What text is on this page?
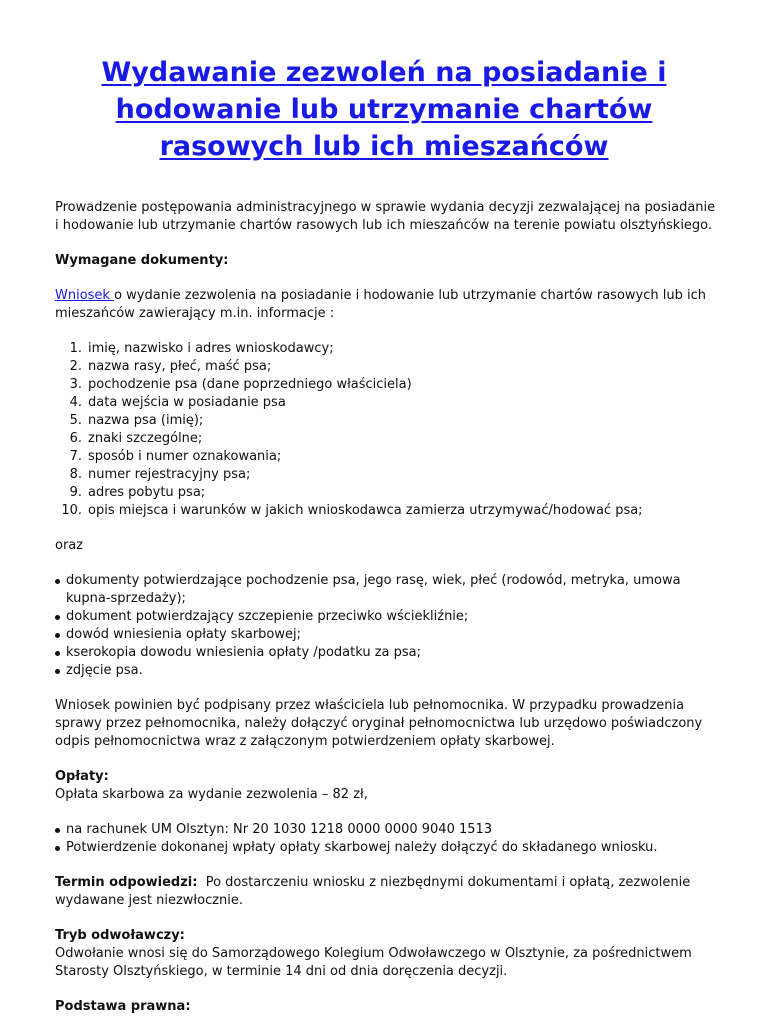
Wydawanie zezwoleń na posiadanie i hodowanie lub utrzymanie chartów rasowych lub ich mieszańców

Prowadzenie postępowania administracyjnego w sprawie wydania decyzji zezwalającej na posiadanie i hodowanie lub utrzymanie chartów rasowych lub ich mieszańców na terenie powiatu olsztyńskiego.

Wymagane dokumenty:

Wniosek o wydanie zezwolenia na posiadanie i hodowanie lub utrzymanie chartów rasowych lub ich mieszańców zawierający m.in. informacje :

1. imię, nazwisko i adres wnioskodawcy;
2. nazwa rasy, płeć, maść psa;
3. pochodzenie psa (dane poprzedniego właściciela)
4. data wejścia w posiadanie psa
5. nazwa psa (imię);
6. znaki szczególne;
7. sposób i numer oznakowania;
8. numer rejestracyjny psa;
9. adres pobytu psa;
10. opis miejsca i warunków w jakich wnioskodawca zamierza utrzymywać/hodować psa;

oraz

dokumenty potwierdzające pochodzenie psa, jego rasę, wiek, płeć (rodowód, metryka, umowa kupna-sprzedaży);
dokument potwierdzający szczepienie przeciwko wściekliźnie;
dowód wniesienia opłaty skarbowej;
kserokopia dowodu wniesienia opłaty /podatku za psa;
zdjęcie psa.

Wniosek powinien być podpisany przez właściciela lub pełnomocnika. W przypadku prowadzenia sprawy przez pełnomocnika, należy dołączyć oryginał pełnomocnictwa lub urzędowo poświadczony odpis pełnomocnictwa wraz z załączonym potwierdzeniem opłaty skarbowej.

Opłaty:

Opłata skarbowa za wydanie zezwolenia – 82 zł,

na rachunek UM Olsztyn: Nr 20 1030 1218 0000 0000 9040 1513
Potwierdzenie dokonanej wpłaty opłaty skarbowej należy dołączyć do składanego wniosku.

Termin odpowiedzi:  Po dostarczeniu wniosku z niezbędnymi dokumentami i opłatą, zezwolenie wydawane jest niezwłocznie.

Tryb odwoławczy:

Odwołanie wnosi się do Samorządowego Kolegium Odwoławczego w Olsztynie, za pośrednictwem Starosty Olsztyńskiego, w terminie 14 dni od dnia doręczenia decyzji.

Podstawa prawna:
